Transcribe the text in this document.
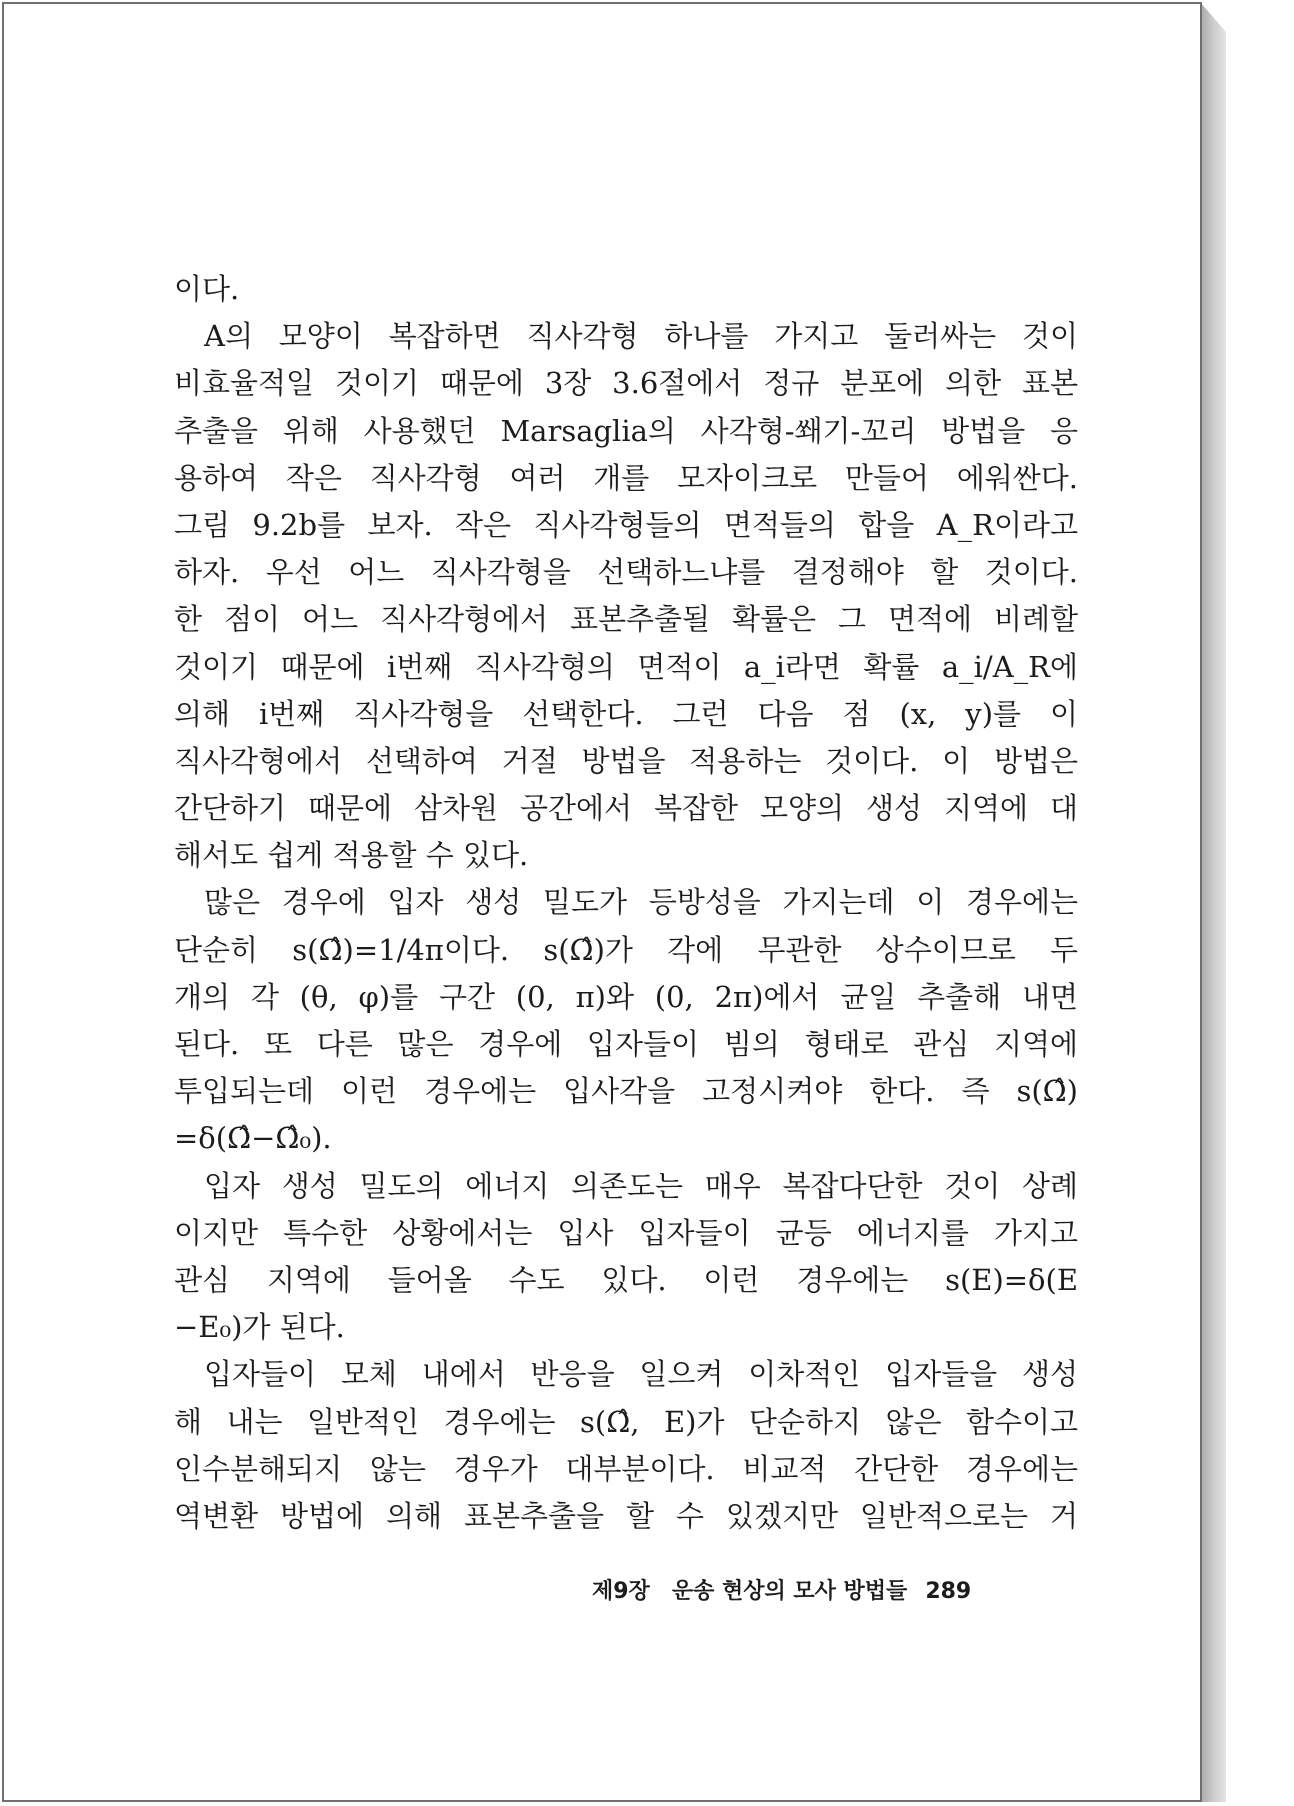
이다.
A의 모양이 복잡하면 직사각형 하나를 가지고 둘러싸는 것이
비효율적일 것이기 때문에 3장 3.6절에서 정규 분포에 의한 표본
추출을 위해 사용했던 Marsaglia의 사각형-쐐기-꼬리 방법을 응
용하여 작은 직사각형 여러 개를 모자이크로 만들어 에워싼다.
그림 9.2b를 보자. 작은 직사각형들의 면적들의 합을 A_R이라고
하자. 우선 어느 직사각형을 선택하느냐를 결정해야 할 것이다.
한 점이 어느 직사각형에서 표본추출될 확률은 그 면적에 비례할
것이기 때문에 i번째 직사각형의 면적이 a_i라면 확률 a_i/A_R에
의해 i번째 직사각형을 선택한다. 그런 다음 점 (x, y)를 이
직사각형에서 선택하여 거절 방법을 적용하는 것이다. 이 방법은
간단하기 때문에 삼차원 공간에서 복잡한 모양의 생성 지역에 대
해서도 쉽게 적용할 수 있다.
많은 경우에 입자 생성 밀도가 등방성을 가지는데 이 경우에는
단순히 s(Ω̂)=1/4π이다. s(Ω̂)가 각에 무관한 상수이므로 두
개의 각 (θ, φ)를 구간 (0, π)와 (0, 2π)에서 균일 추출해 내면
된다. 또 다른 많은 경우에 입자들이 빔의 형태로 관심 지역에
투입되는데 이런 경우에는 입사각을 고정시켜야 한다. 즉 s(Ω̂)
=δ(Ω̂−Ω̂₀).
입자 생성 밀도의 에너지 의존도는 매우 복잡다단한 것이 상례
이지만 특수한 상황에서는 입사 입자들이 균등 에너지를 가지고
관심 지역에 들어올 수도 있다. 이런 경우에는 s(E)=δ(E
−E₀)가 된다.
입자들이 모체 내에서 반응을 일으켜 이차적인 입자들을 생성
해 내는 일반적인 경우에는 s(Ω̂, E)가 단순하지 않은 함수이고
인수분해되지 않는 경우가 대부분이다. 비교적 간단한 경우에는
역변환 방법에 의해 표본추출을 할 수 있겠지만 일반적으로는 거
제9장 운송 현상의 모사 방법들 289
